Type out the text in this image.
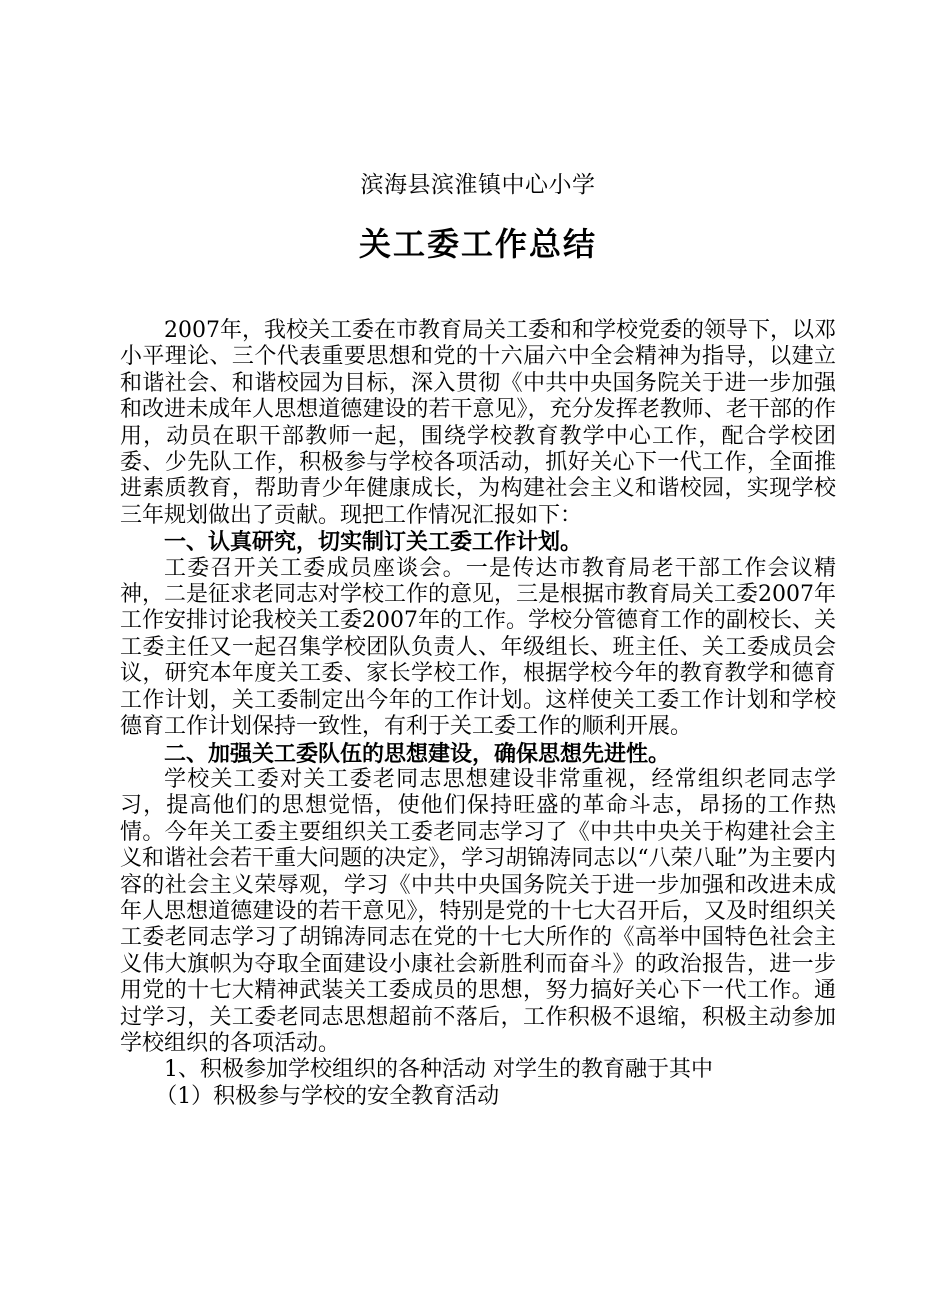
滨海县滨淮镇中心小学
关工委工作总结

2007年，我校关工委在市教育局关工委和和学校党委的领导下，以邓小平理论、三个代表重要思想和党的十六届六中全会精神为指导，以建立和谐社会、和谐校园为目标，深入贯彻《中共中央国务院关于进一步加强和改进未成年人思想道德建设的若干意见》，充分发挥老教师、老干部的作用，动员在职干部教师一起，围绕学校教育教学中心工作，配合学校团委、少先队工作，积极参与学校各项活动，抓好关心下一代工作，全面推进素质教育，帮助青少年健康成长，为构建社会主义和谐校园，实现学校三年规划做出了贡献。现把工作情况汇报如下：

一、认真研究，切实制订关工委工作计划。

工委召开关工委成员座谈会。一是传达市教育局老干部工作会议精神，二是征求老同志对学校工作的意见，三是根据市教育局关工委2007年工作安排讨论我校关工委2007年的工作。学校分管德育工作的副校长、关工委主任又一起召集学校团队负责人、年级组长、班主任、关工委成员会议，研究本年度关工委、家长学校工作，根据学校今年的教育教学和德育工作计划，关工委制定出今年的工作计划。这样使关工委工作计划和学校德育工作计划保持一致性，有利于关工委工作的顺利开展。

二、加强关工委队伍的思想建设，确保思想先进性。

学校关工委对关工委老同志思想建设非常重视，经常组织老同志学习，提高他们的思想觉悟，使他们保持旺盛的革命斗志，昂扬的工作热情。今年关工委主要组织关工委老同志学习了《中共中央关于构建社会主义和谐社会若干重大问题的决定》，学习胡锦涛同志以“八荣八耻”为主要内容的社会主义荣辱观，学习《中共中央国务院关于进一步加强和改进未成年人思想道德建设的若干意见》，特别是党的十七大召开后，又及时组织关工委老同志学习了胡锦涛同志在党的十七大所作的《高举中国特色社会主义伟大旗帜为夺取全面建设小康社会新胜利而奋斗》的政治报告，进一步用党的十七大精神武装关工委成员的思想，努力搞好关心下一代工作。通过学习，关工委老同志思想超前不落后，工作积极不退缩，积极主动参加学校组织的各项活动。

1、积极参加学校组织的各种活动 对学生的教育融于其中

（1）积极参与学校的安全教育活动
